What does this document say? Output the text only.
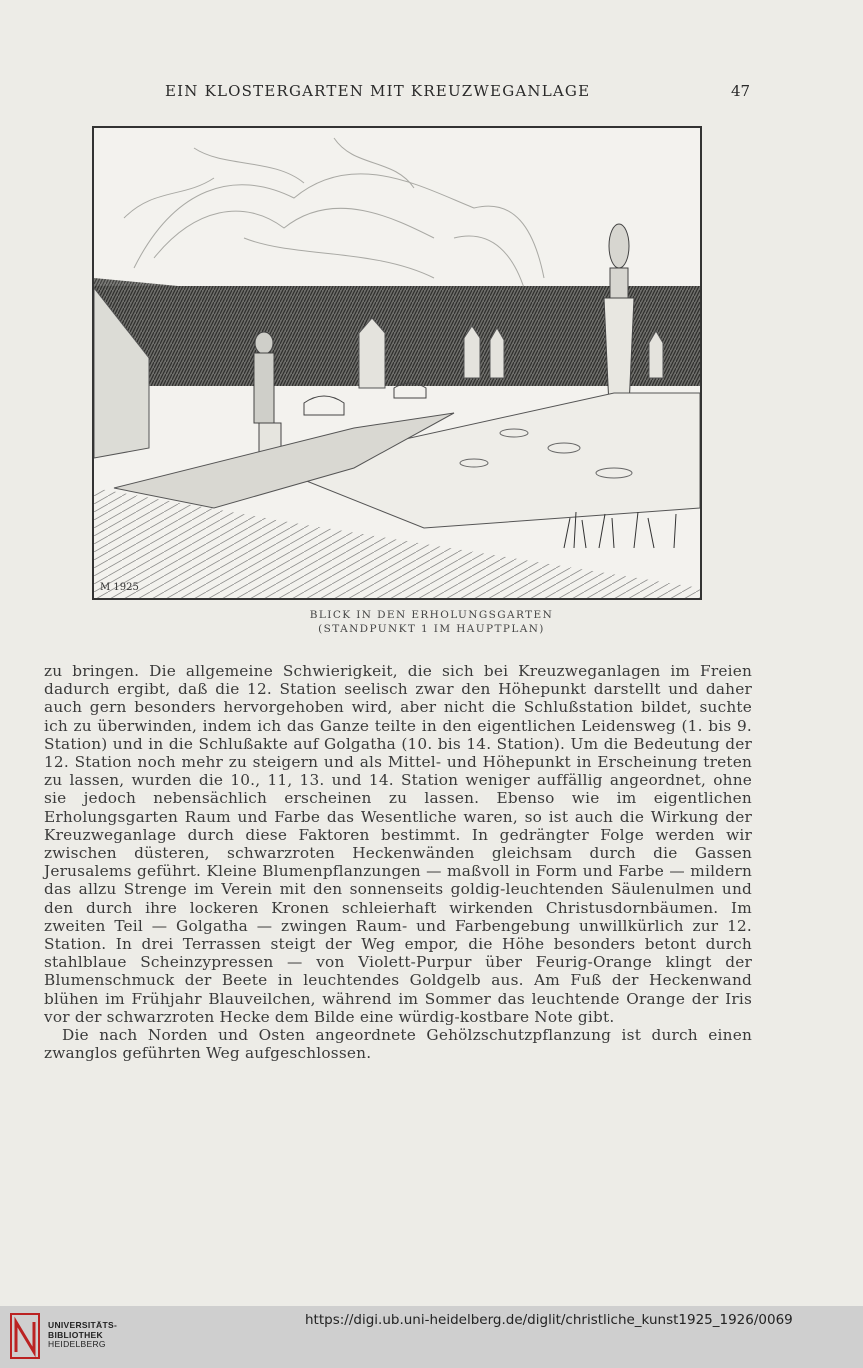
EIN KLOSTERGARTEN MIT KREUZWEGANLAGE	47
M 1925
BLICK IN DEN ERHOLUNGSGARTEN
(STANDPUNKT 1 IM HAUPTPLAN)

zu bringen. Die allgemeine Schwierigkeit, die sich bei Kreuzweganlagen im Freien dadurch ergibt, daß die 12. Station seelisch zwar den Höhepunkt darstellt und daher auch gern besonders hervorgehoben wird, aber nicht die Schlußstation bildet, suchte ich zu überwinden, indem ich das Ganze teilte in den eigentlichen Leidensweg (1. bis 9. Station) und in die Schlußakte auf Golgatha (10. bis 14. Station). Um die Bedeutung der 12. Station noch mehr zu steigern und als Mittel- und Höhepunkt in Erscheinung treten zu lassen, wurden die 10., 11, 13. und 14. Station weniger auffällig angeordnet, ohne sie jedoch nebensächlich erscheinen zu lassen. Ebenso wie im eigentlichen Erholungsgarten Raum und Farbe das Wesentliche waren, so ist auch die Wirkung der Kreuzweganlage durch diese Faktoren bestimmt. In gedrängter Folge werden wir zwischen düsteren, schwarzroten Heckenwänden gleichsam durch die Gassen Jerusalems geführt. Kleine Blumenpflanzungen — maßvoll in Form und Farbe — mildern das allzu Strenge im Verein mit den sonnenseits goldig-leuchtenden Säulenulmen und den durch ihre lockeren Kronen schleierhaft wirkenden Christusdornbäumen. Im zweiten Teil — Golgatha — zwingen Raum- und Farbengebung unwillkürlich zur 12. Station. In drei Terrassen steigt der Weg empor, die Höhe besonders betont durch stahlblaue Scheinzypressen — von Violett-Purpur über Feurig-Orange klingt der Blumenschmuck der Beete in leuchtendes Goldgelb aus. Am Fuß der Heckenwand blühen im Frühjahr Blauveilchen, während im Sommer das leuchtende Orange der Iris vor der schwarzroten Hecke dem Bilde eine würdig-kostbare Note gibt.

Die nach Norden und Osten angeordnete Gehölzschutzpflanzung ist durch einen zwanglos geführten Weg aufgeschlossen.

UNIVERSITÄTS-
BIBLIOTHEK
HEIDELBERG
https://digi.ub.uni-heidelberg.de/diglit/christliche_kunst1925_1926/0069
